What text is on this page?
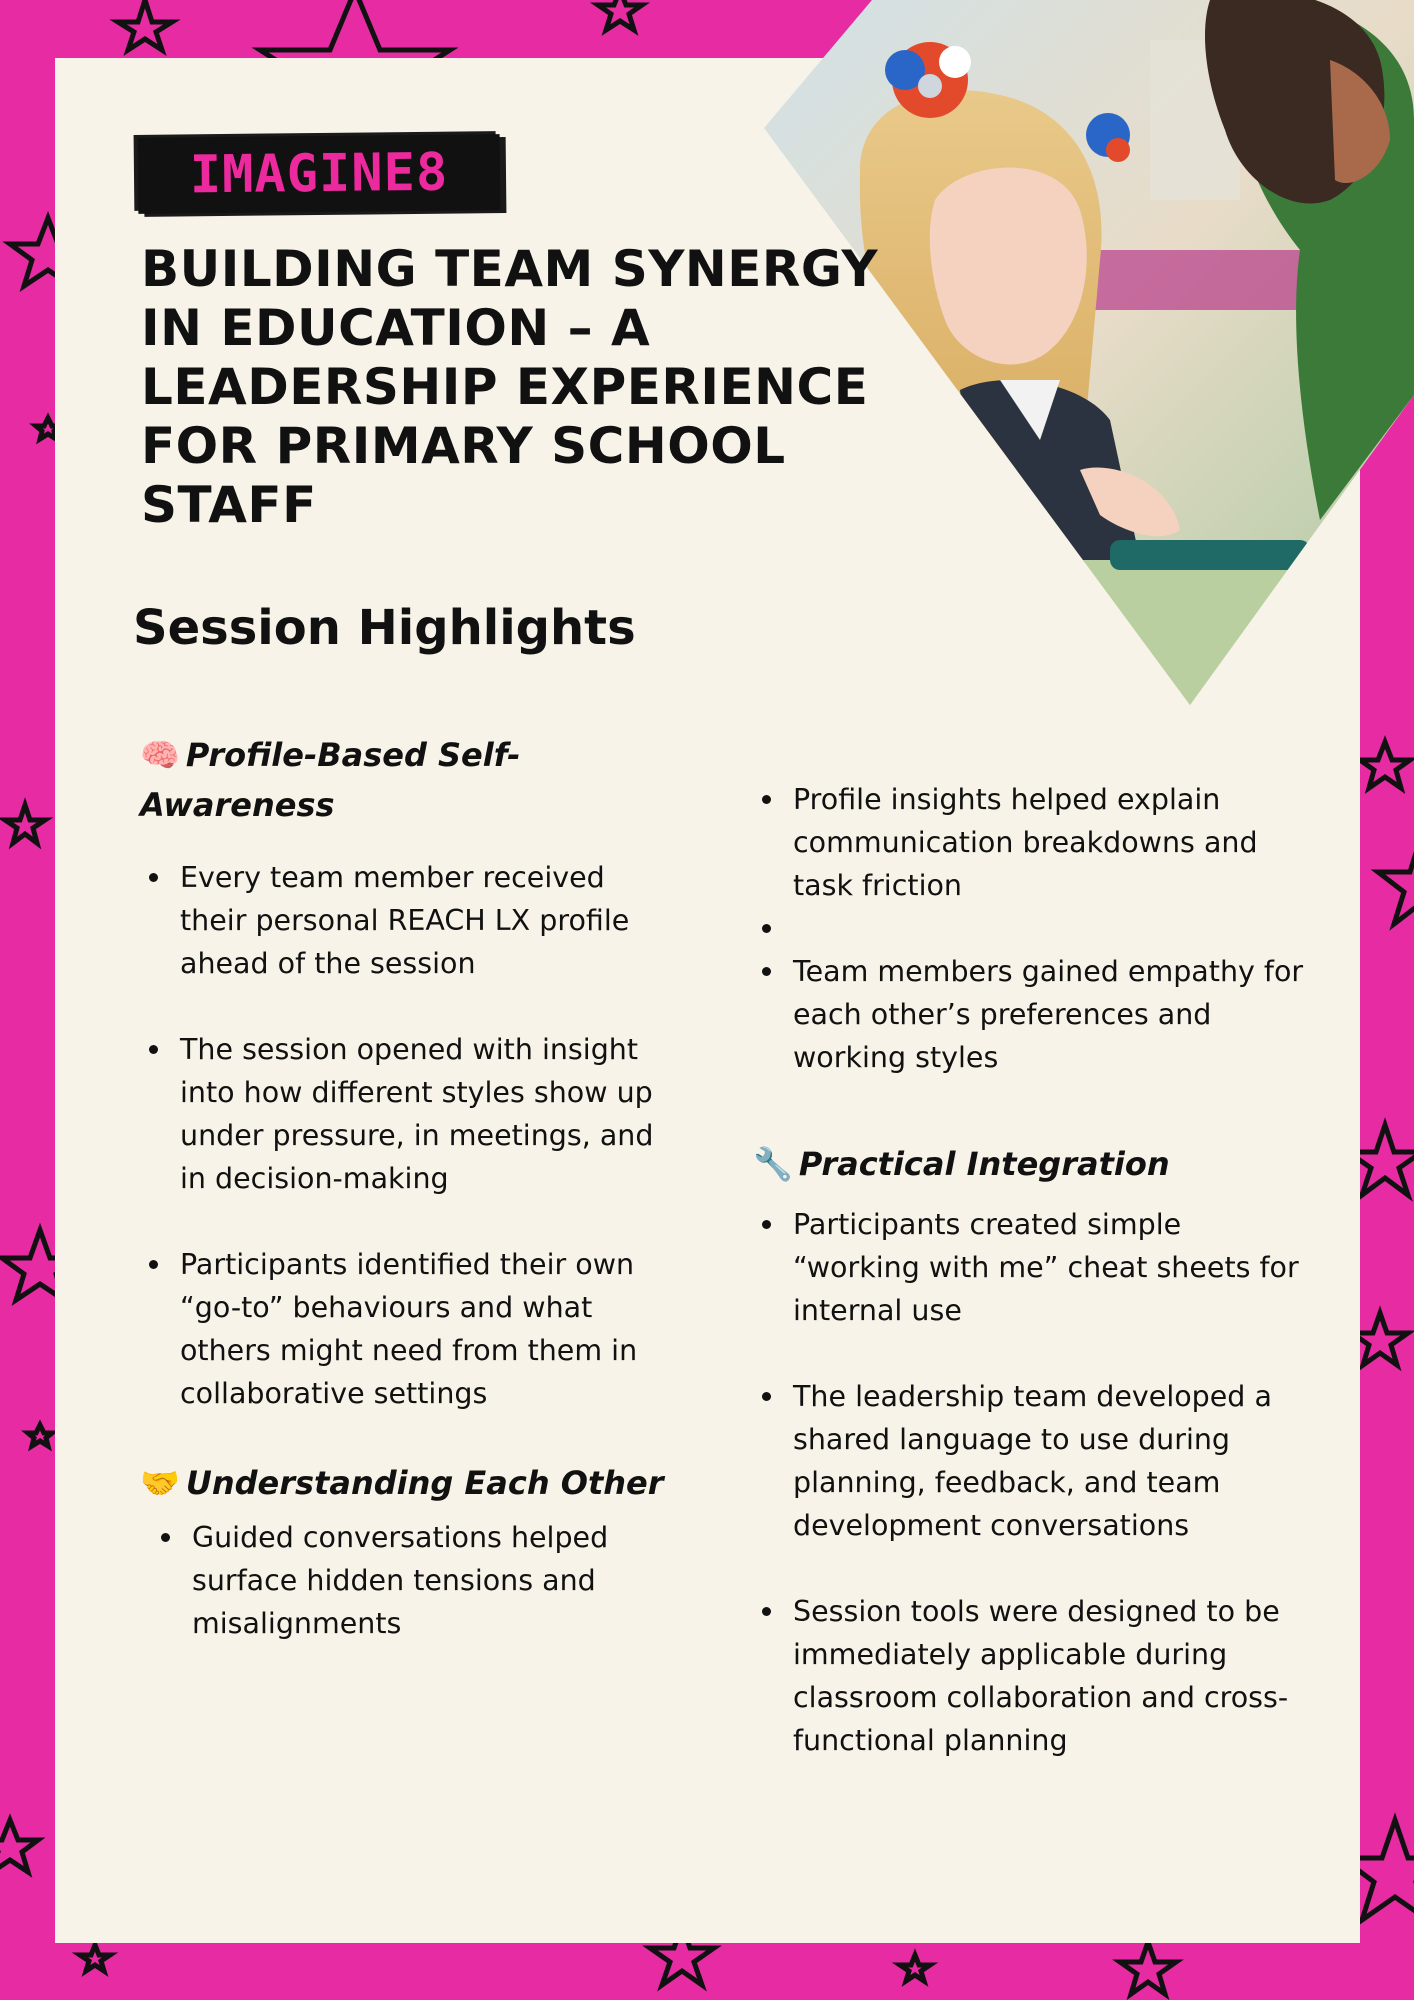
IMAGINE8
BUILDING TEAM SYNERGY IN EDUCATION – A LEADERSHIP EXPERIENCE FOR PRIMARY SCHOOL STAFF
Session Highlights
🧠 Profile-Based Self-Awareness
Every team member received their personal REACH LX profile ahead of the session
The session opened with insight into how different styles show up under pressure, in meetings, and in decision-making
Participants identified their own “go-to” behaviours and what others might need from them in collaborative settings
🤝 Understanding Each Other
Guided conversations helped surface hidden tensions and misalignments
Profile insights helped explain communication breakdowns and task friction
Team members gained empathy for each other’s preferences and working styles
🔧 Practical Integration
Participants created simple “working with me” cheat sheets for internal use
The leadership team developed a shared language to use during planning, feedback, and team development conversations
Session tools were designed to be immediately applicable during classroom collaboration and cross-functional planning
